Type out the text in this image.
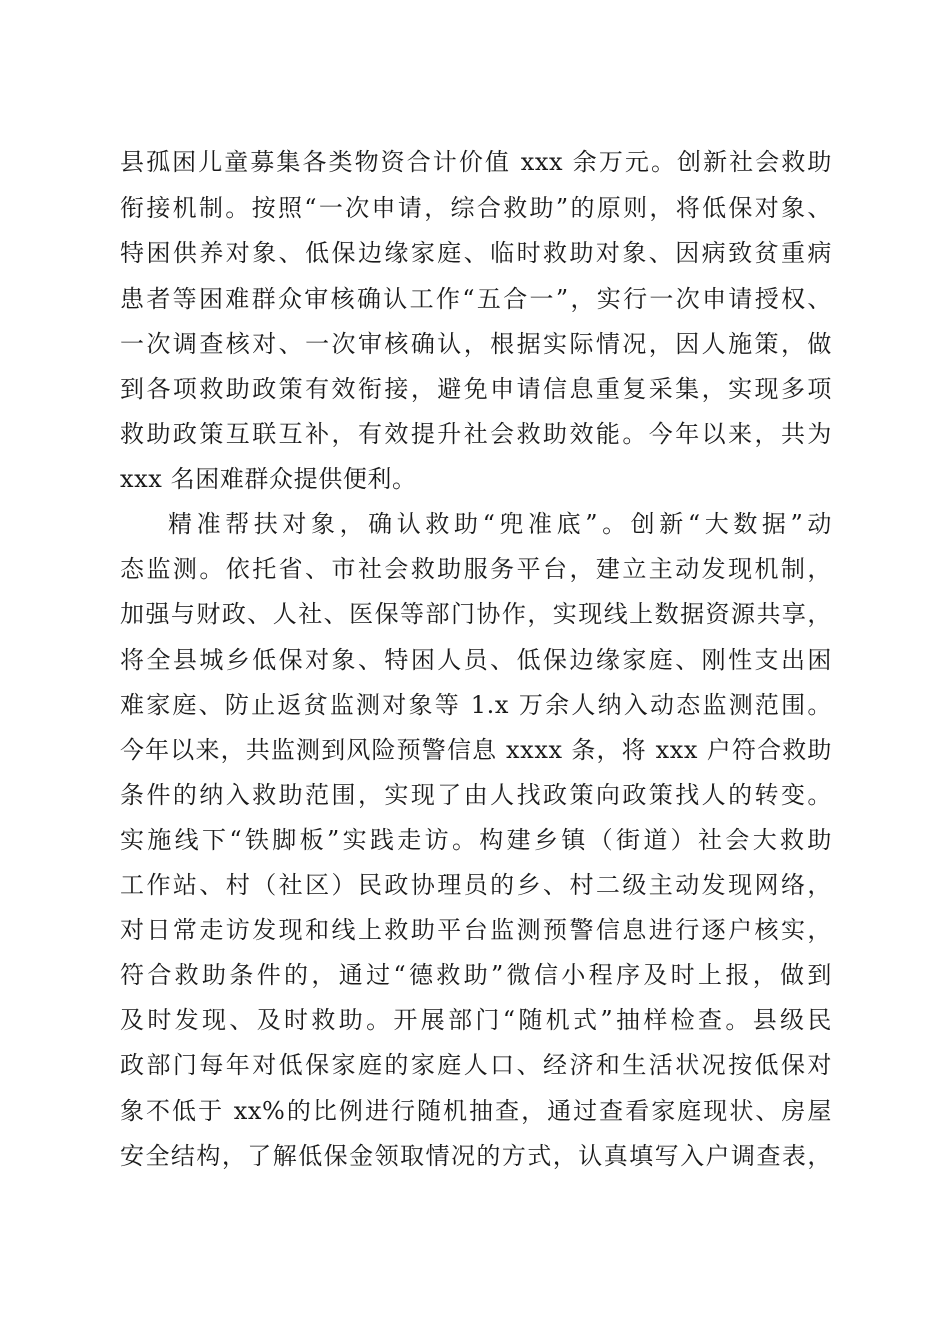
县孤困儿童募集各类物资合计价值 xxx 余万元。创新社会救助
衔接机制。按照“一次申请，综合救助”的原则，将低保对象、
特困供养对象、低保边缘家庭、临时救助对象、因病致贫重病
患者等困难群众审核确认工作“五合一”，实行一次申请授权、
一次调查核对、一次审核确认，根据实际情况，因人施策，做
到各项救助政策有效衔接，避免申请信息重复采集，实现多项
救助政策互联互补，有效提升社会救助效能。今年以来，共为
xxx 名困难群众提供便利。
精准帮扶对象，确认救助“兜准底”。创新“大数据”动
态监测。依托省、市社会救助服务平台，建立主动发现机制，
加强与财政、人社、医保等部门协作，实现线上数据资源共享，
将全县城乡低保对象、特困人员、低保边缘家庭、刚性支出困
难家庭、防止返贫监测对象等 1.x 万余人纳入动态监测范围。
今年以来，共监测到风险预警信息 xxxx 条，将 xxx 户符合救助
条件的纳入救助范围，实现了由人找政策向政策找人的转变。
实施线下“铁脚板”实践走访。构建乡镇（街道）社会大救助
工作站、村（社区）民政协理员的乡、村二级主动发现网络，
对日常走访发现和线上救助平台监测预警信息进行逐户核实，
符合救助条件的，通过“德救助”微信小程序及时上报，做到
及时发现、及时救助。开展部门“随机式”抽样检查。县级民
政部门每年对低保家庭的家庭人口、经济和生活状况按低保对
象不低于 xx%的比例进行随机抽查，通过查看家庭现状、房屋
安全结构，了解低保金领取情况的方式，认真填写入户调查表，
